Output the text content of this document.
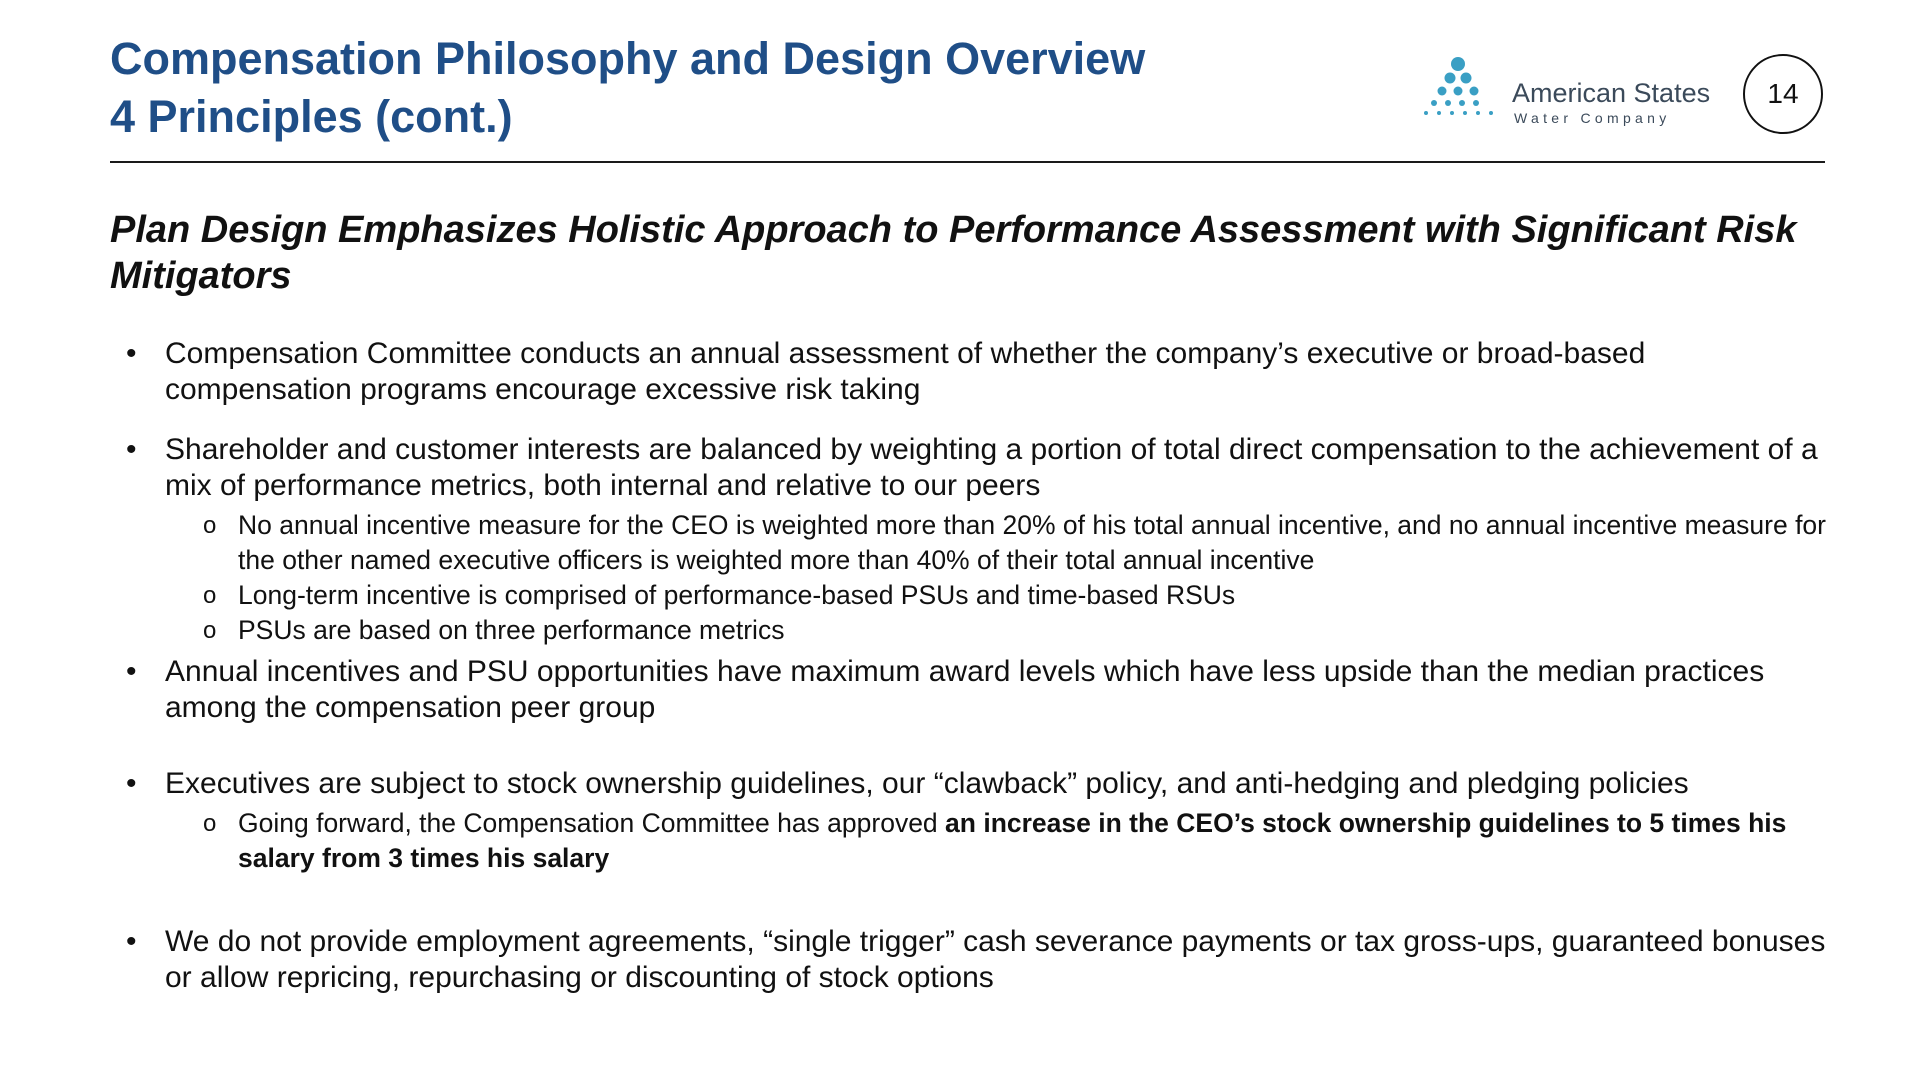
Compensation Philosophy and Design Overview
4 Principles (cont.)	American States
Water Company
14
Plan Design Emphasizes Holistic Approach to Performance Assessment with Significant Risk Mitigators
• Compensation Committee conducts an annual assessment of whether the company’s executive or broad-based compensation programs encourage excessive risk taking
• Shareholder and customer interests are balanced by weighting a portion of total direct compensation to the achievement of a mix of performance metrics, both internal and relative to our peers
o No annual incentive measure for the CEO is weighted more than 20% of his total annual incentive, and no annual incentive measure for the other named executive officers is weighted more than 40% of their total annual incentive
o Long-term incentive is comprised of performance-based PSUs and time-based RSUs
o PSUs are based on three performance metrics
• Annual incentives and PSU opportunities have maximum award levels which have less upside than the median practices among the compensation peer group
• Executives are subject to stock ownership guidelines, our “clawback” policy, and anti-hedging and pledging policies
o Going forward, the Compensation Committee has approved an increase in the CEO’s stock ownership guidelines to 5 times his salary from 3 times his salary
• We do not provide employment agreements, “single trigger” cash severance payments or tax gross-ups, guaranteed bonuses or allow repricing, repurchasing or discounting of stock options
